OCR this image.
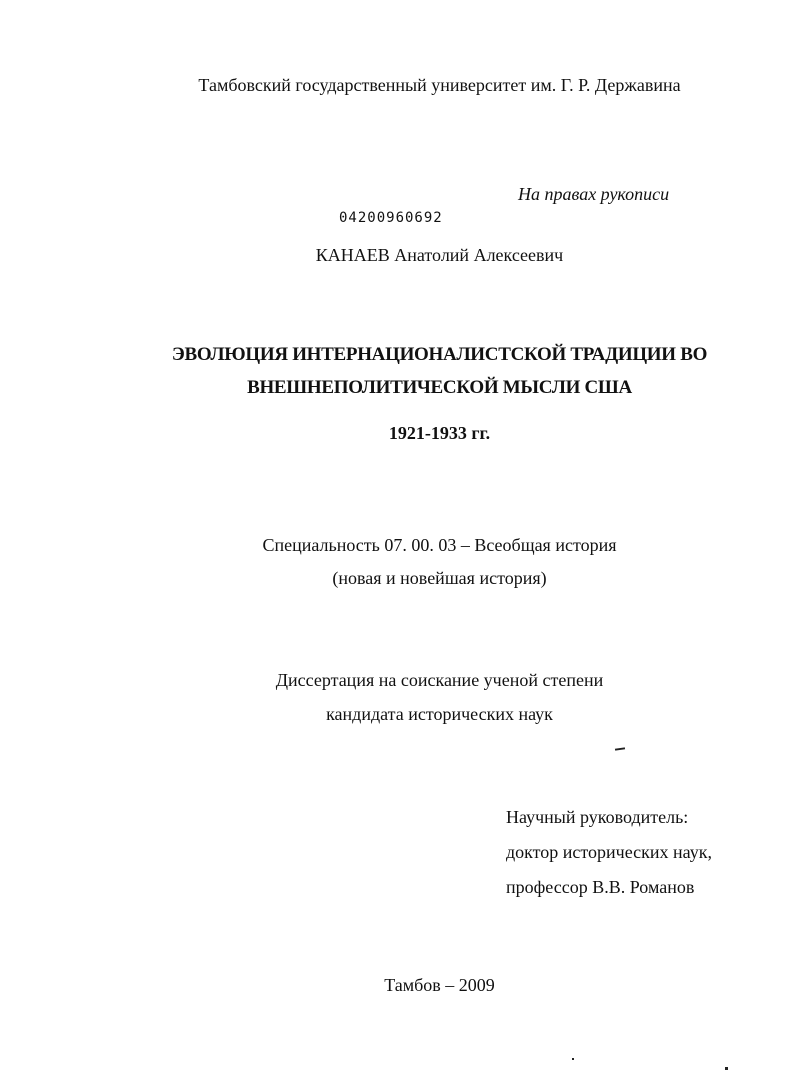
Тамбовский государственный университет им. Г. Р. Державина
На правах рукописи
04200960692
КАНАЕВ Анатолий Алексеевич
ЭВОЛЮЦИЯ ИНТЕРНАЦИОНАЛИСТСКОЙ ТРАДИЦИИ ВО
ВНЕШНЕПОЛИТИЧЕСКОЙ МЫСЛИ США
1921-1933 гг.
Специальность 07. 00. 03 – Всеобщая история
(новая и новейшая история)
Диссертация на соискание ученой степени
кандидата исторических наук
Научный руководитель:
доктор исторических наук,
профессор В.В. Романов
Тамбов – 2009
